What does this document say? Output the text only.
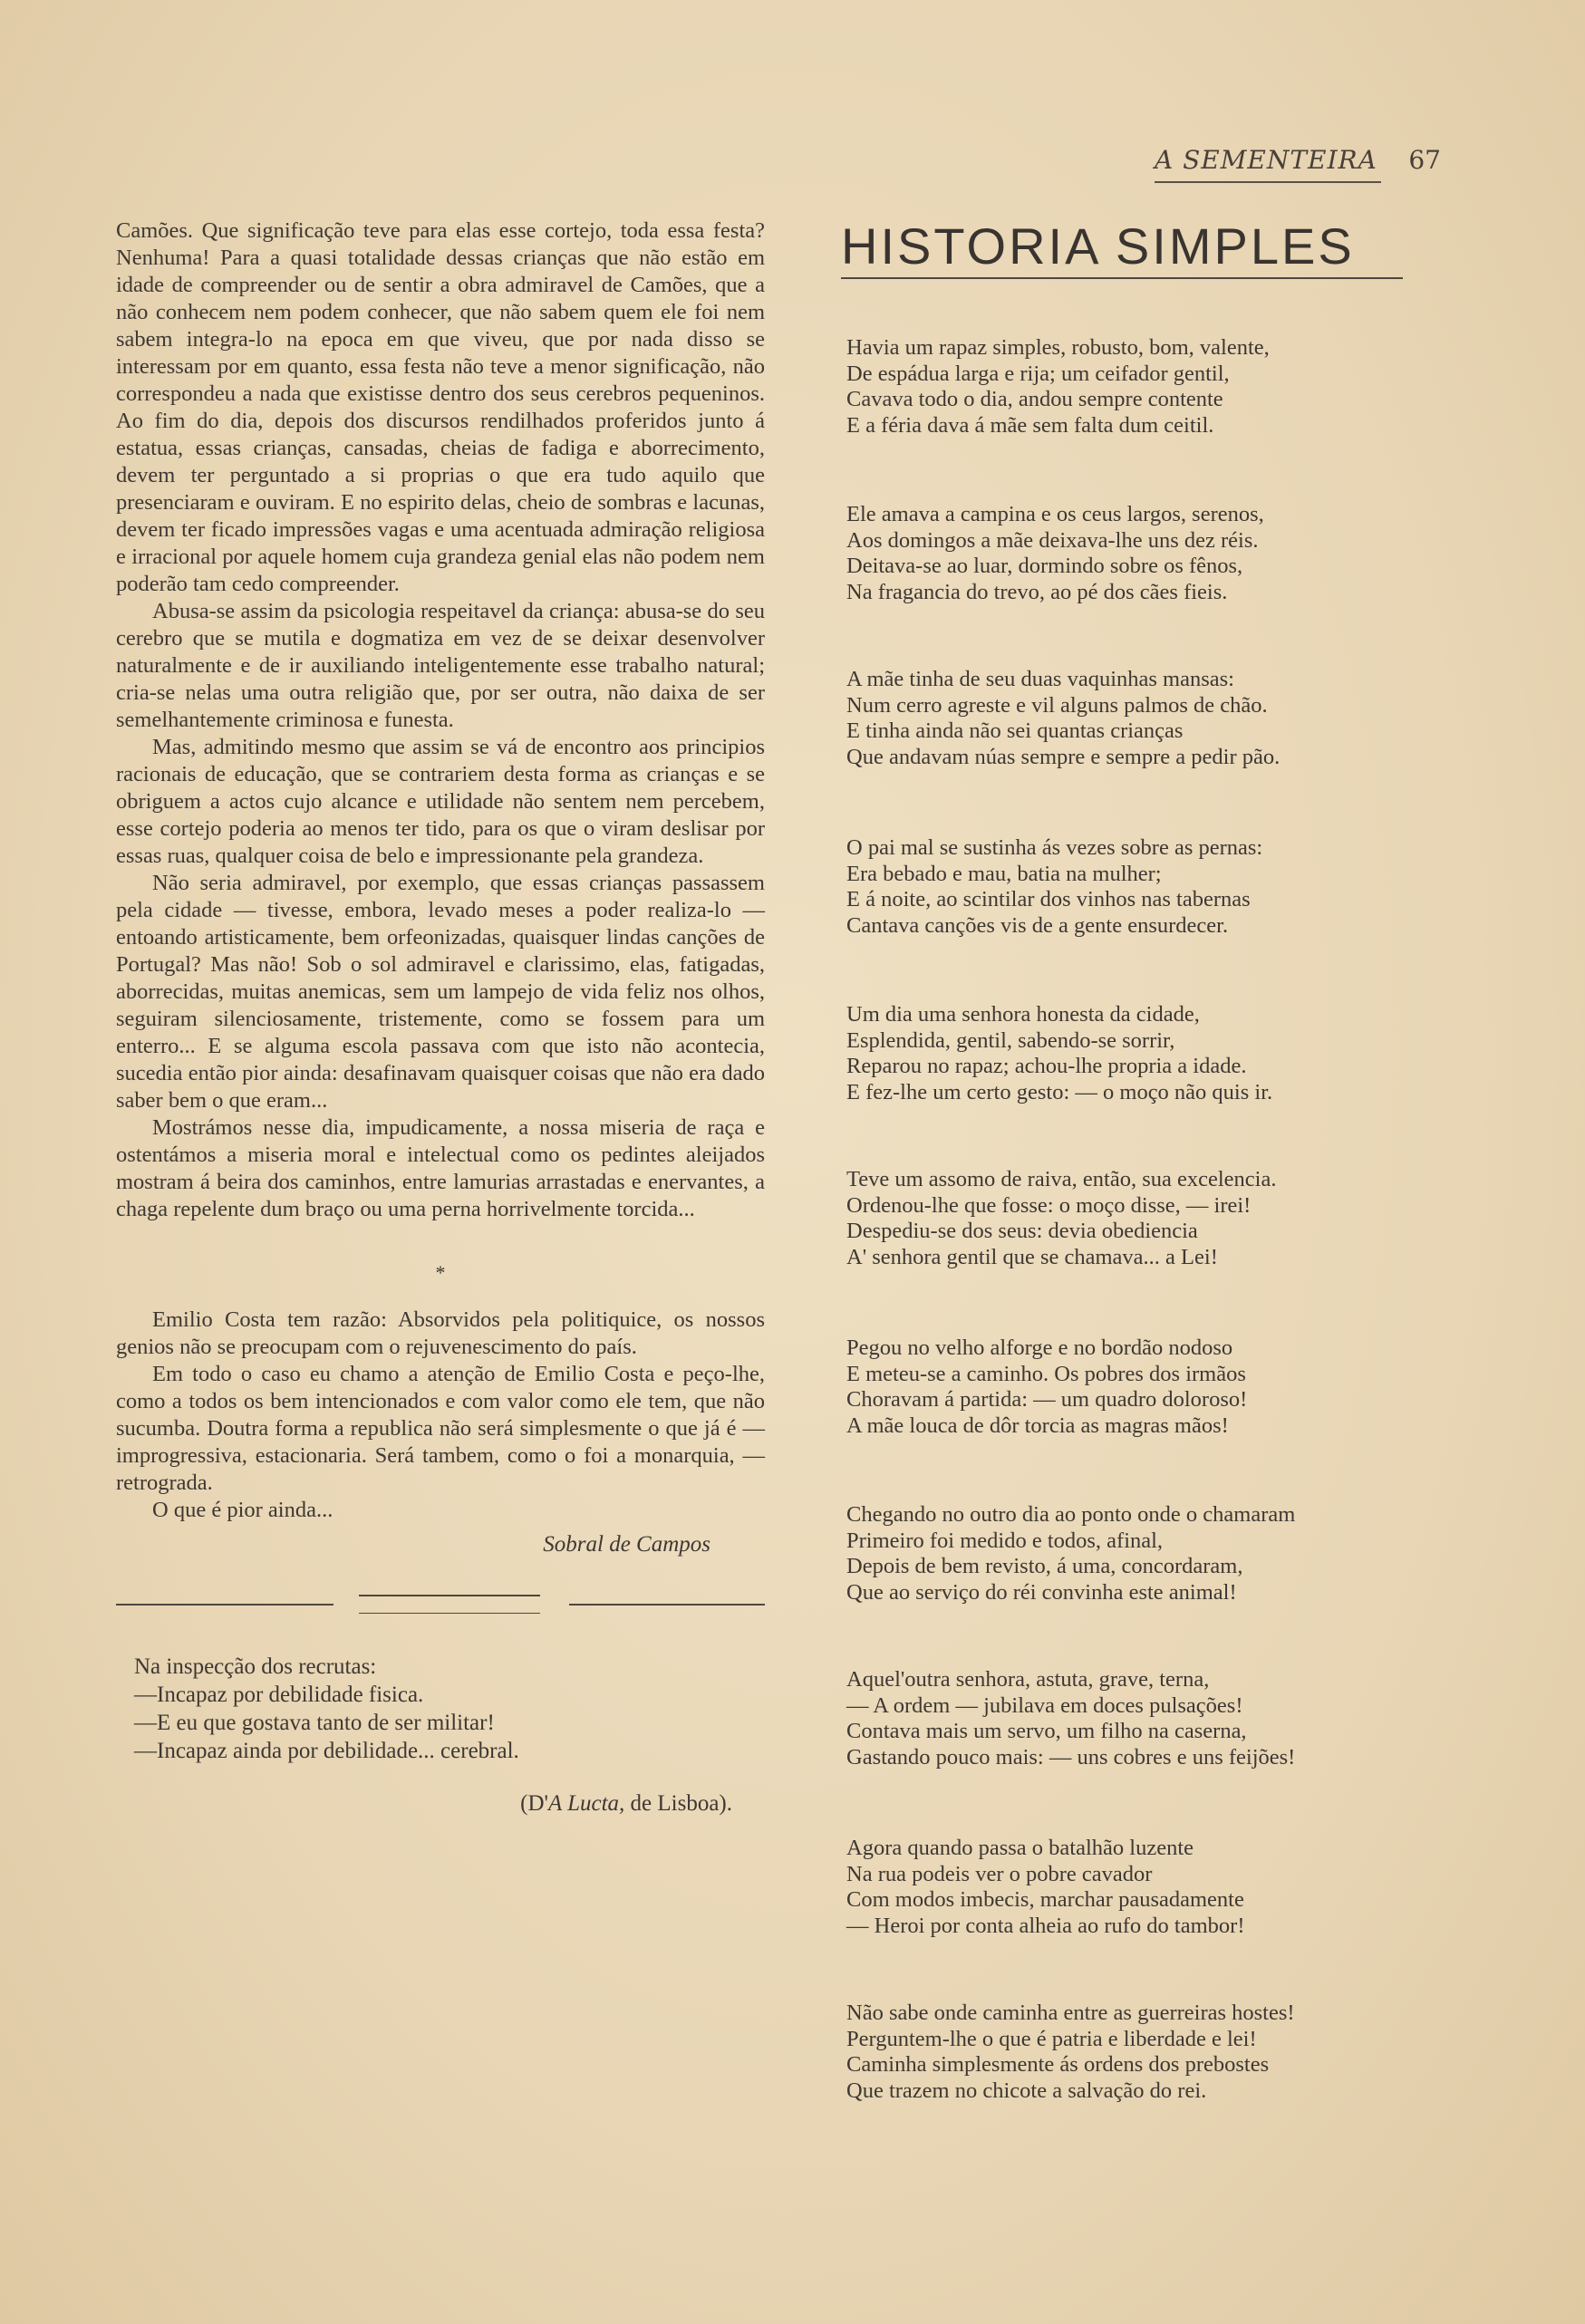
A SEMENTEIRA 67

Camões. Que significação teve para elas esse cortejo, toda essa festa? Nenhuma! Para a quasi totalidade dessas crianças que não estão em idade de compreender ou de sentir a obra admiravel de Camões, que a não conhecem nem podem conhecer, que não sabem quem ele foi nem sabem integra-lo na epoca em que viveu, que por nada disso se interessam por em quanto, essa festa não teve a menor significação, não correspondeu a nada que existisse dentro dos seus cerebros pequeninos. Ao fim do dia, depois dos discursos rendilhados proferidos junto á estatua, essas crianças, cansadas, cheias de fadiga e aborrecimento, devem ter perguntado a si proprias o que era tudo aquilo que presenciaram e ouviram. E no espirito delas, cheio de sombras e lacunas, devem ter ficado impressões vagas e uma acentuada admiração religiosa e irracional por aquele homem cuja grandeza genial elas não podem nem poderão tam cedo compreender.

Abusa-se assim da psicologia respeitavel da criança: abusa-se do seu cerebro que se mutila e dogmatiza em vez de se deixar desenvolver naturalmente e de ir auxiliando inteligentemente esse trabalho natural; cria-se nelas uma outra religião que, por ser outra, não daixa de ser semelhantemente criminosa e funesta.

Mas, admitindo mesmo que assim se vá de encontro aos principios racionais de educação, que se contrariem desta forma as crianças e se obriguem a actos cujo alcance e utilidade não sentem nem percebem, esse cortejo poderia ao menos ter tido, para os que o viram deslisar por essas ruas, qualquer coisa de belo e impressionante pela grandeza.

Não seria admiravel, por exemplo, que essas crianças passassem pela cidade — tivesse, embora, levado meses a poder realiza-lo — entoando artisticamente, bem orfeonizadas, quaisquer lindas canções de Portugal? Mas não! Sob o sol admiravel e clarissimo, elas, fatigadas, aborrecidas, muitas anemicas, sem um lampejo de vida feliz nos olhos, seguiram silenciosamente, tristemente, como se fossem para um enterro... E se alguma escola passava com que isto não acontecia, sucedia então pior ainda: desafinavam quaisquer coisas que não era dado saber bem o que eram...

Mostrámos nesse dia, impudicamente, a nossa miseria de raça e ostentámos a miseria moral e intelectual como os pedintes aleijados mostram á beira dos caminhos, entre lamurias arrastadas e enervantes, a chaga repelente dum braço ou uma perna horrivelmente torcida...

*

Emilio Costa tem razão: Absorvidos pela politiquice, os nossos genios não se preocupam com o rejuvenescimento do país.

Em todo o caso eu chamo a atenção de Emilio Costa e peço-lhe, como a todos os bem intencionados e com valor como ele tem, que não sucumba. Doutra forma a republica não será simplesmente o que já é — improgressiva, estacionaria. Será tambem, como o foi a monarquia, — retrograda.

O que é pior ainda...

Sobral de Campos

Na inspecção dos recrutas:

—Incapaz por debilidade fisica.

—E eu que gostava tanto de ser militar!

—Incapaz ainda por debilidade... cerebral.

(D'A Lucta, de Lisboa).
HISTORIA SIMPLES
Havia um rapaz simples, robusto, bom, valente,
De espádua larga e rija; um ceifador gentil,
Cavava todo o dia, andou sempre contente
E a féria dava á mãe sem falta dum ceitil.
Ele amava a campina e os ceus largos, serenos,
Aos domingos a mãe deixava-lhe uns dez réis.
Deitava-se ao luar, dormindo sobre os fênos,
Na fragancia do trevo, ao pé dos cães fieis.
A mãe tinha de seu duas vaquinhas mansas:
Num cerro agreste e vil alguns palmos de chão.
E tinha ainda não sei quantas crianças
Que andavam núas sempre e sempre a pedir pão.
O pai mal se sustinha ás vezes sobre as pernas:
Era bebado e mau, batia na mulher;
E á noite, ao scintilar dos vinhos nas tabernas
Cantava canções vis de a gente ensurdecer.
Um dia uma senhora honesta da cidade,
Esplendida, gentil, sabendo-se sorrir,
Reparou no rapaz; achou-lhe propria a idade.
E fez-lhe um certo gesto: — o moço não quis ir.
Teve um assomo de raiva, então, sua excelencia.
Ordenou-lhe que fosse: o moço disse, — irei!
Despediu-se dos seus: devia obediencia
A' senhora gentil que se chamava... a Lei!
Pegou no velho alforge e no bordão nodoso
E meteu-se a caminho. Os pobres dos irmãos
Choravam á partida: — um quadro doloroso!
A mãe louca de dôr torcia as magras mãos!
Chegando no outro dia ao ponto onde o chamaram
Primeiro foi medido e todos, afinal,
Depois de bem revisto, á uma, concordaram,
Que ao serviço do réi convinha este animal!
Aquel'outra senhora, astuta, grave, terna,
— A ordem — jubilava em doces pulsações!
Contava mais um servo, um filho na caserna,
Gastando pouco mais: — uns cobres e uns feijões!
Agora quando passa o batalhão luzente
Na rua podeis ver o pobre cavador
Com modos imbecis, marchar pausadamente
— Heroi por conta alheia ao rufo do tambor!
Não sabe onde caminha entre as guerreiras hostes!
Perguntem-lhe o que é patria e liberdade e lei!
Caminha simplesmente ás ordens dos prebostes
Que trazem no chicote a salvação do rei.
